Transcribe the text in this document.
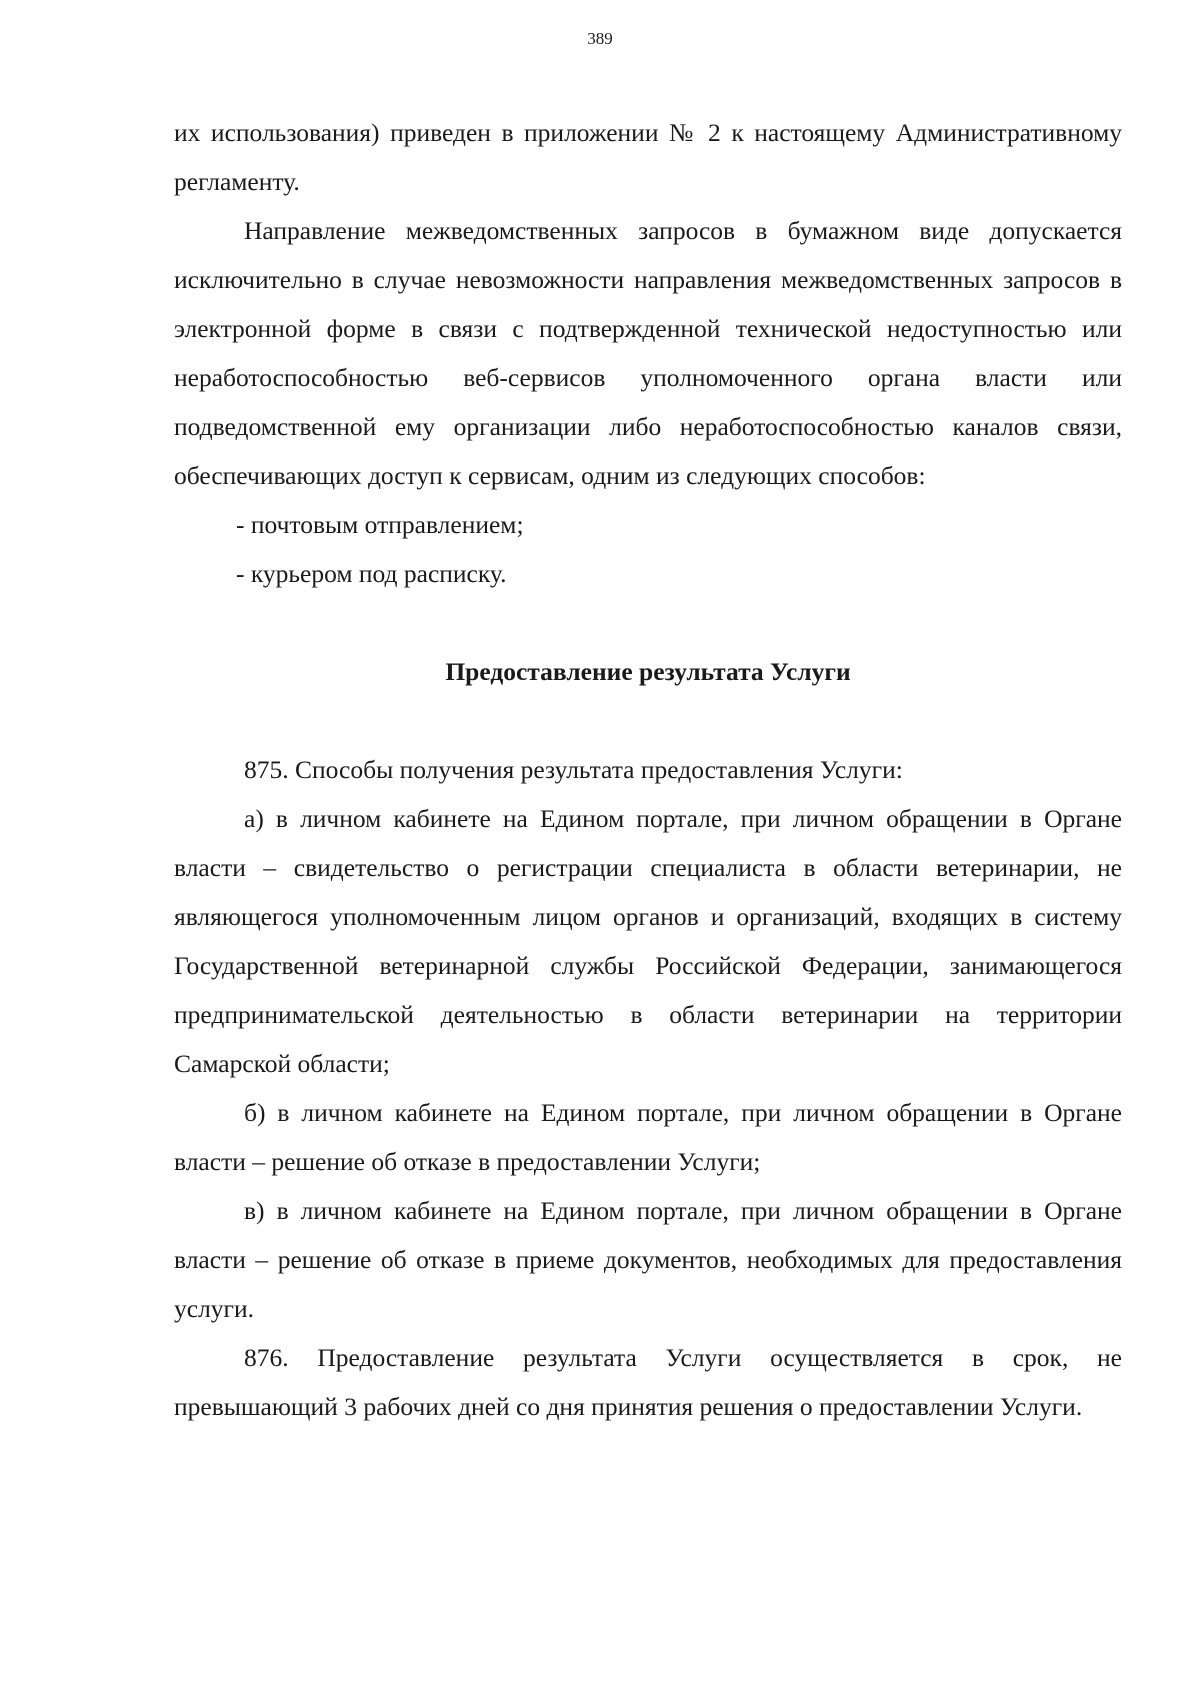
389

их использования) приведен в приложении № 2 к настоящему Административному регламенту.

Направление межведомственных запросов в бумажном виде допускается исключительно в случае невозможности направления межведомственных запросов в электронной форме в связи с подтвержденной технической недоступностью или неработоспособностью веб-сервисов уполномоченного органа власти или подведомственной ему организации либо неработоспособностью каналов связи, обеспечивающих доступ к сервисам, одним из следующих способов:

- почтовым отправлением;

- курьером под расписку.

Предоставление результата Услуги

875. Способы получения результата предоставления Услуги:

а) в личном кабинете на Едином портале, при личном обращении в Органе власти – свидетельство о регистрации специалиста в области ветеринарии, не являющегося уполномоченным лицом органов и организаций, входящих в систему Государственной ветеринарной службы Российской Федерации, занимающегося предпринимательской деятельностью в области ветеринарии на территории Самарской области;

б) в личном кабинете на Едином портале, при личном обращении в Органе власти – решение об отказе в предоставлении Услуги;

в) в личном кабинете на Едином портале, при личном обращении в Органе власти – решение об отказе в приеме документов, необходимых для предоставления услуги.

876. Предоставление результата Услуги осуществляется в срок, не превышающий 3 рабочих дней со дня принятия решения о предоставлении Услуги.
